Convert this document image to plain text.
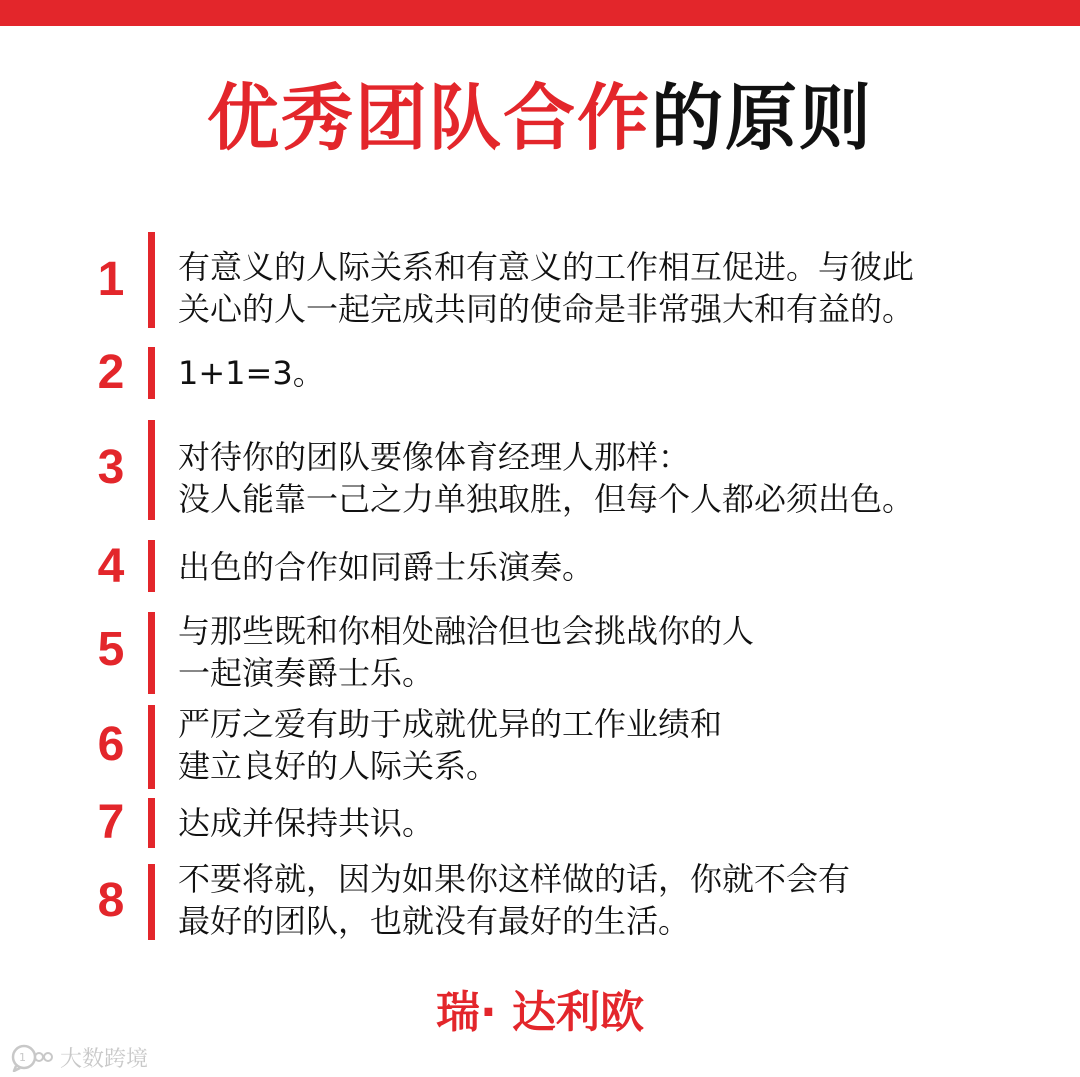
优秀团队合作的原则
1	有意义的人际关系和有意义的工作相互促进。与彼此
关心的人一起完成共同的使命是非常强大和有益的。
2	1+1=3。
3	对待你的团队要像体育经理人那样：
没人能靠一己之力单独取胜，但每个人都必须出色。
4	出色的合作如同爵士乐演奏。
5	与那些既和你相处融洽但也会挑战你的人
一起演奏爵士乐。
6	严厉之爱有助于成就优异的工作业绩和
建立良好的人际关系。
7	达成并保持共识。
8	不要将就，因为如果你这样做的话，你就不会有
最好的团队，也就没有最好的生活。
瑞· 达利欧
1 大数跨境
